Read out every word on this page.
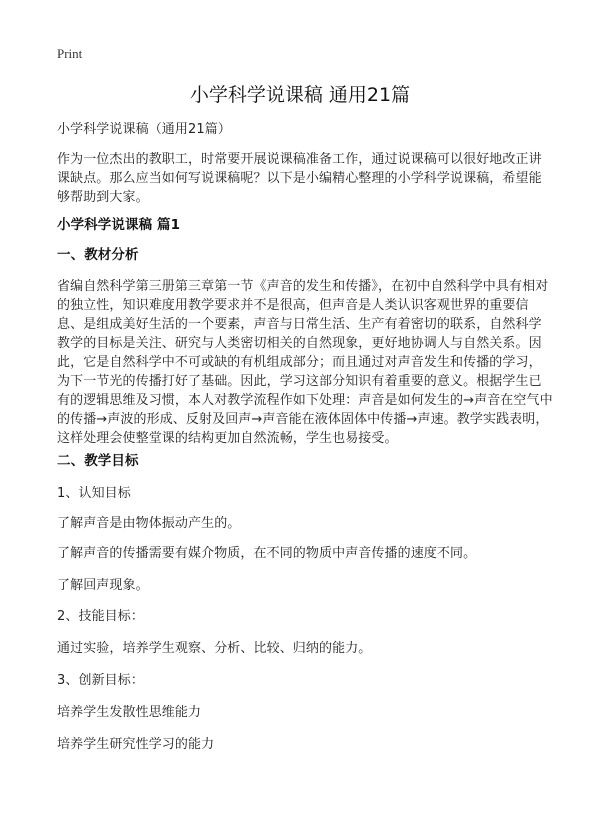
Print
小学科学说课稿 通用21篇
小学科学说课稿（通用21篇）
作为一位杰出的教职工，时常要开展说课稿准备工作，通过说课稿可以很好地改正讲课缺点。那么应当如何写说课稿呢？以下是小编精心整理的小学科学说课稿，希望能够帮助到大家。
小学科学说课稿 篇1
一、教材分析
省编自然科学第三册第三章第一节《声音的发生和传播》，在初中自然科学中具有相对的独立性，知识难度用教学要求并不是很高，但声音是人类认识客观世界的重要信息、是组成美好生活的一个要素，声音与日常生活、生产有着密切的联系，自然科学教学的目标是关注、研究与人类密切相关的自然现象，更好地协调人与自然关系。因此，它是自然科学中不可或缺的有机组成部分；而且通过对声音发生和传播的学习，为下一节光的传播打好了基础。因此，学习这部分知识有着重要的意义。根据学生已有的逻辑思维及习惯，本人对教学流程作如下处理：声音是如何发生的→声音在空气中的传播→声波的形成、反射及回声→声音能在液体固体中传播→声速。教学实践表明，这样处理会使整堂课的结构更加自然流畅，学生也易接受。
二、教学目标
1、认知目标
了解声音是由物体振动产生的。
了解声音的传播需要有媒介物质，在不同的物质中声音传播的速度不同。
了解回声现象。
2、技能目标：
通过实验，培养学生观察、分析、比较、归纳的能力。
3、创新目标：
培养学生发散性思维能力
培养学生研究性学习的能力
